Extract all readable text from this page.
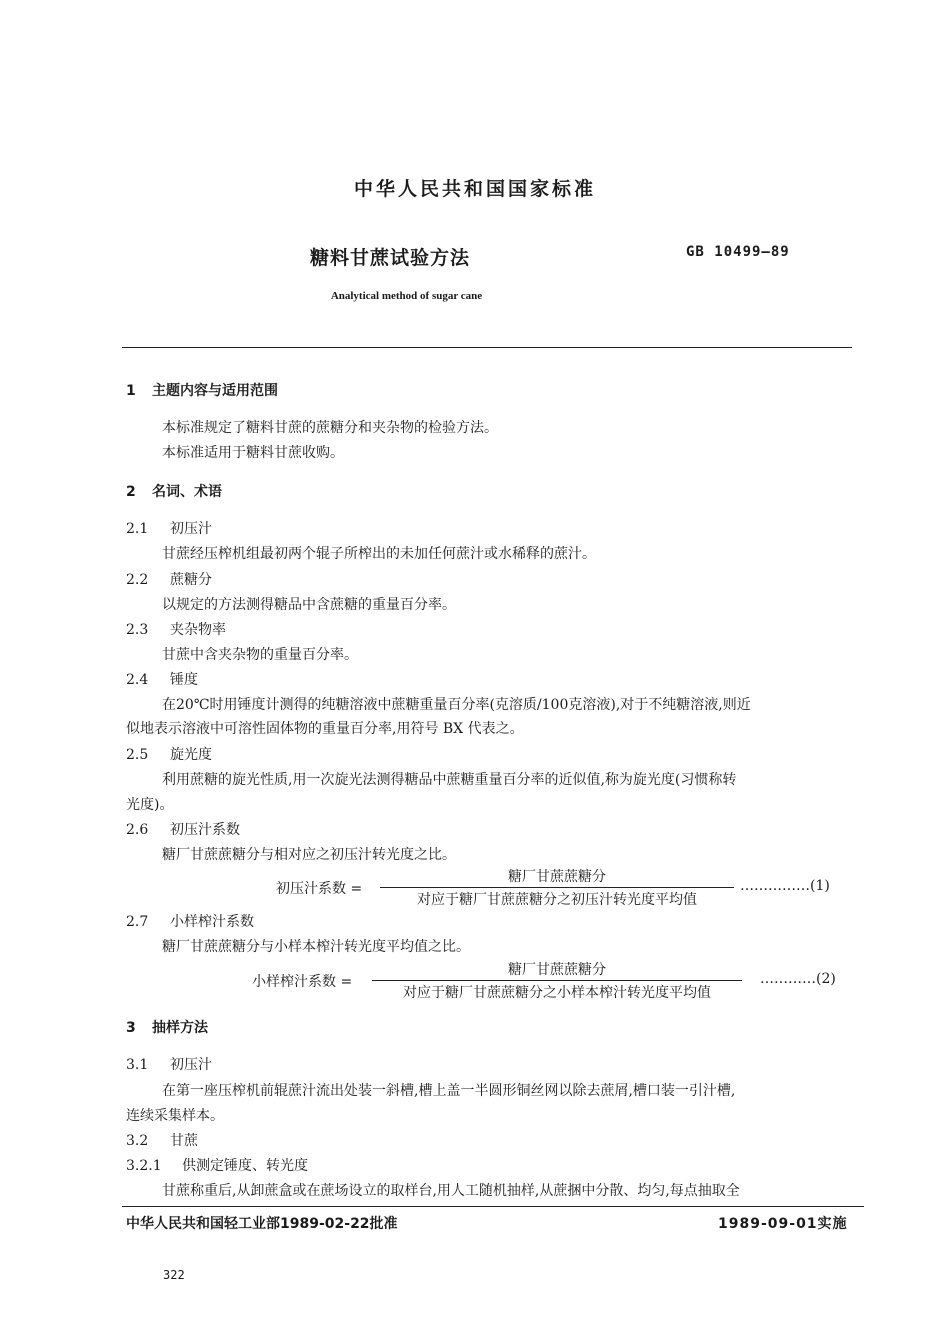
中华人民共和国国家标准
糖料甘蔗试验方法	GB 10499—89
Analytical method of sugar cane
1 主题内容与适用范围
本标准规定了糖料甘蔗的蔗糖分和夹杂物的检验方法。
本标准适用于糖料甘蔗收购。
2 名词、术语
2.1 初压汁
甘蔗经压榨机组最初两个辊子所榨出的未加任何蔗汁或水稀释的蔗汁。
2.2 蔗糖分
以规定的方法测得糖品中含蔗糖的重量百分率。
2.3 夹杂物率
甘蔗中含夹杂物的重量百分率。
2.4 锤度
在20℃时用锤度计测得的纯糖溶液中蔗糖重量百分率(克溶质/100克溶液),对于不纯糖溶液,则近
似地表示溶液中可溶性固体物的重量百分率,用符号 BX 代表之。
2.5 旋光度
利用蔗糖的旋光性质,用一次旋光法测得糖品中蔗糖重量百分率的近似值,称为旋光度(习惯称转
光度)。
2.6 初压汁系数
糖厂甘蔗蔗糖分与相对应之初压汁转光度之比。
初压汁系数 =
糖厂甘蔗蔗糖分
对应于糖厂甘蔗蔗糖分之初压汁转光度平均值
……………(1)
2.7 小样榨汁系数
糖厂甘蔗蔗糖分与小样本榨汁转光度平均值之比。
小样榨汁系数 =
糖厂甘蔗蔗糖分
对应于糖厂甘蔗蔗糖分之小样本榨汁转光度平均值
…………(2)
3 抽样方法
3.1 初压汁
在第一座压榨机前辊蔗汁流出处装一斜槽,槽上盖一半圆形铜丝网以除去蔗屑,槽口装一引汁槽,
连续采集样本。
3.2 甘蔗
3.2.1 供测定锤度、转光度
甘蔗称重后,从卸蔗盒或在蔗场设立的取样台,用人工随机抽样,从蔗捆中分散、均匀,每点抽取全
中华人民共和国轻工业部1989-02-22批准	1989-09-01实施
322
